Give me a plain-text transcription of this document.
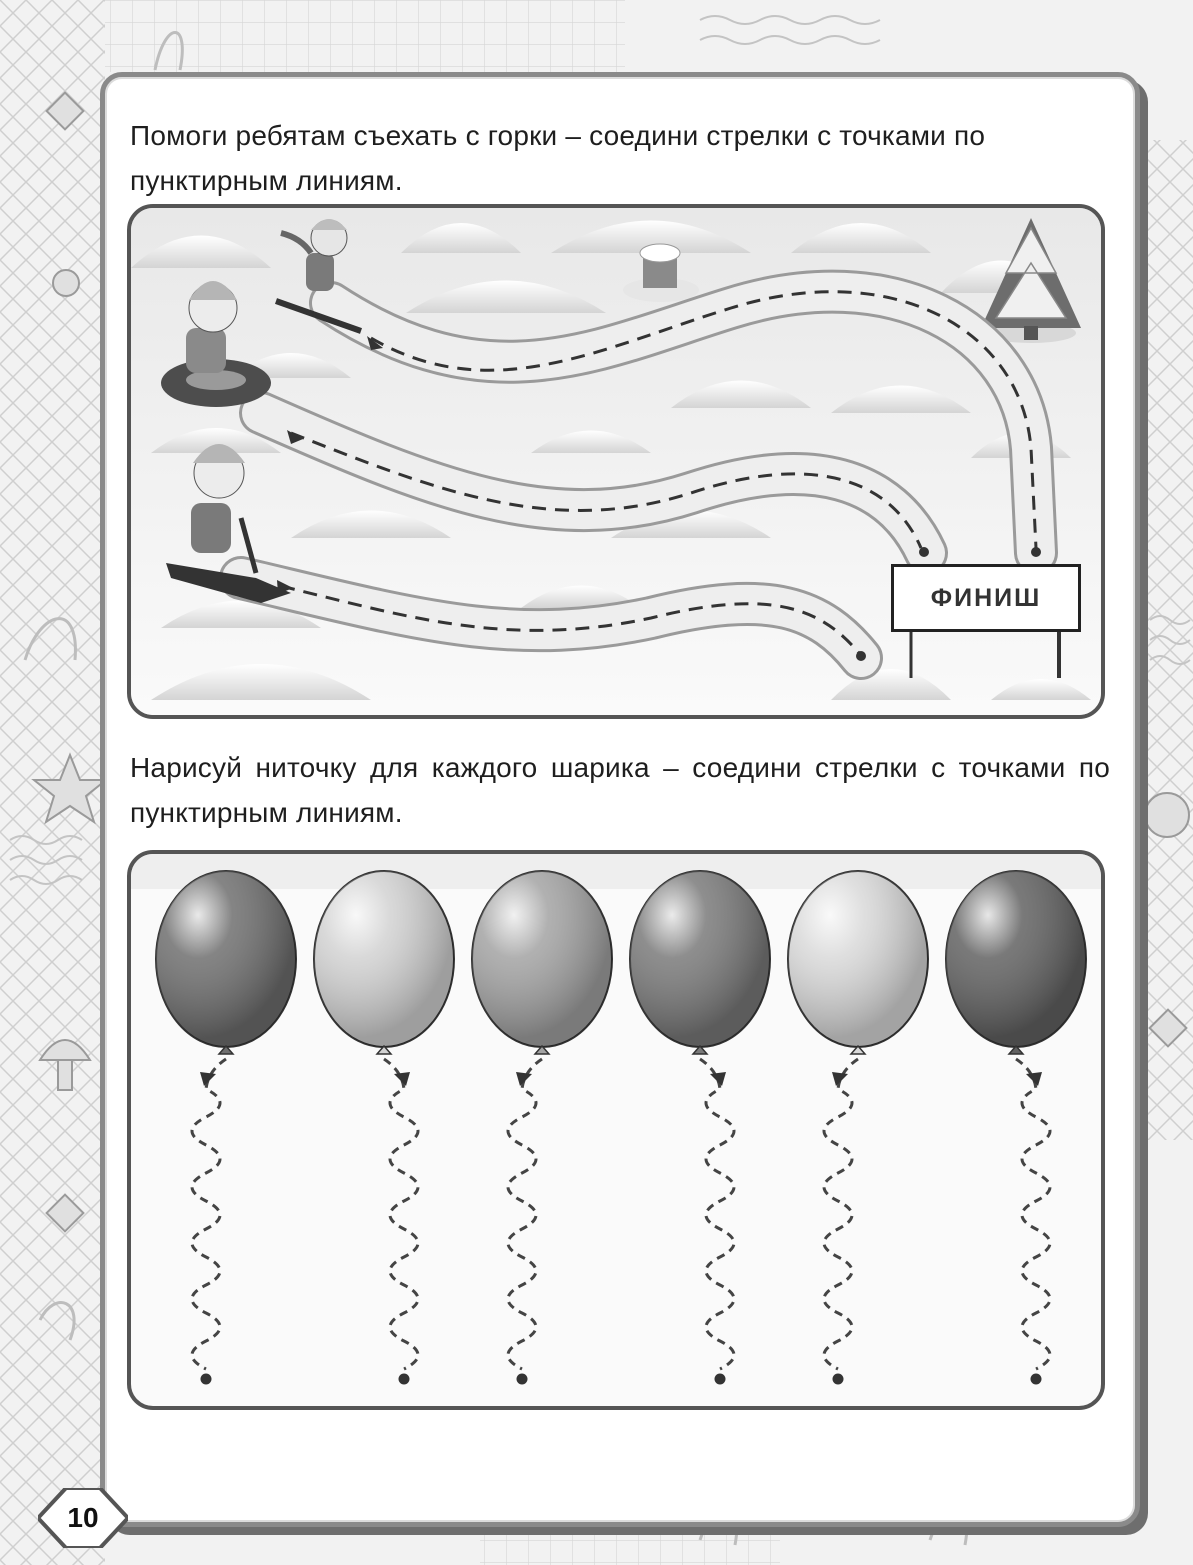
Помоги ребятам съехать с горки – соедини стрелки с точками по пунктирным линиям.

ФИНИШ

Нарисуй ниточку для каждого шарика – соедини стрелки с точками по пунктирным линиям.

10
